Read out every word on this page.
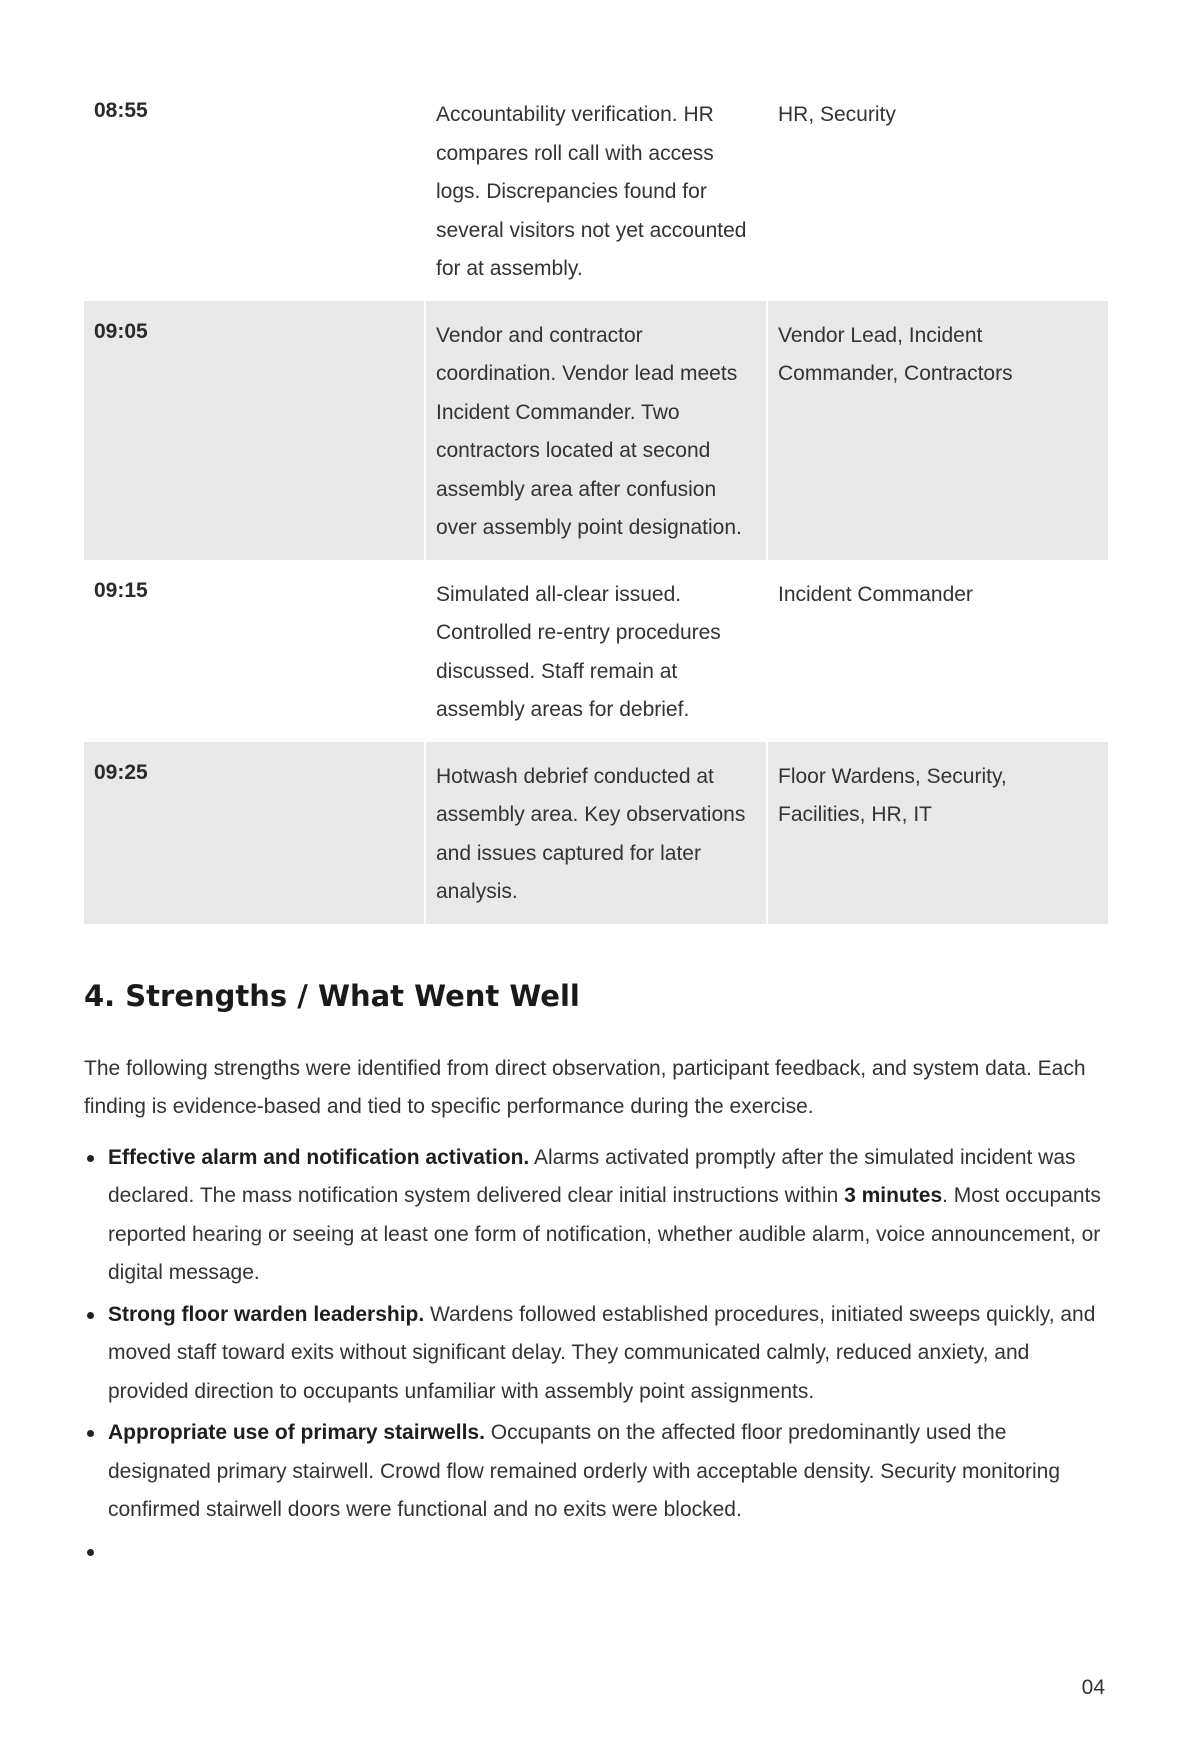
08:55	Accountability verification. HR compares roll call with access logs. Discrepancies found for several visitors not yet accounted for at assembly.	HR, Security
09:05	Vendor and contractor coordination. Vendor lead meets Incident Commander. Two contractors located at second assembly area after confusion over assembly point designation.	Vendor Lead, Incident Commander, Contractors
09:15	Simulated all-clear issued. Controlled re-entry procedures discussed. Staff remain at assembly areas for debrief.	Incident Commander
09:25	Hotwash debrief conducted at assembly area. Key observations and issues captured for later analysis.	Floor Wardens, Security, Facilities, HR, IT
4. Strengths / What Went Well

The following strengths were identified from direct observation, participant feedback, and system data. Each finding is evidence-based and tied to specific performance during the exercise.

Effective alarm and notification activation. Alarms activated promptly after the simulated incident was declared. The mass notification system delivered clear initial instructions within 3 minutes. Most occupants reported hearing or seeing at least one form of notification, whether audible alarm, voice announcement, or digital message.
Strong floor warden leadership. Wardens followed established procedures, initiated sweeps quickly, and moved staff toward exits without significant delay. They communicated calmly, reduced anxiety, and provided direction to occupants unfamiliar with assembly point assignments.
Appropriate use of primary stairwells. Occupants on the affected floor predominantly used the designated primary stairwell. Crowd flow remained orderly with acceptable density. Security monitoring confirmed stairwell doors were functional and no exits were blocked.
04
